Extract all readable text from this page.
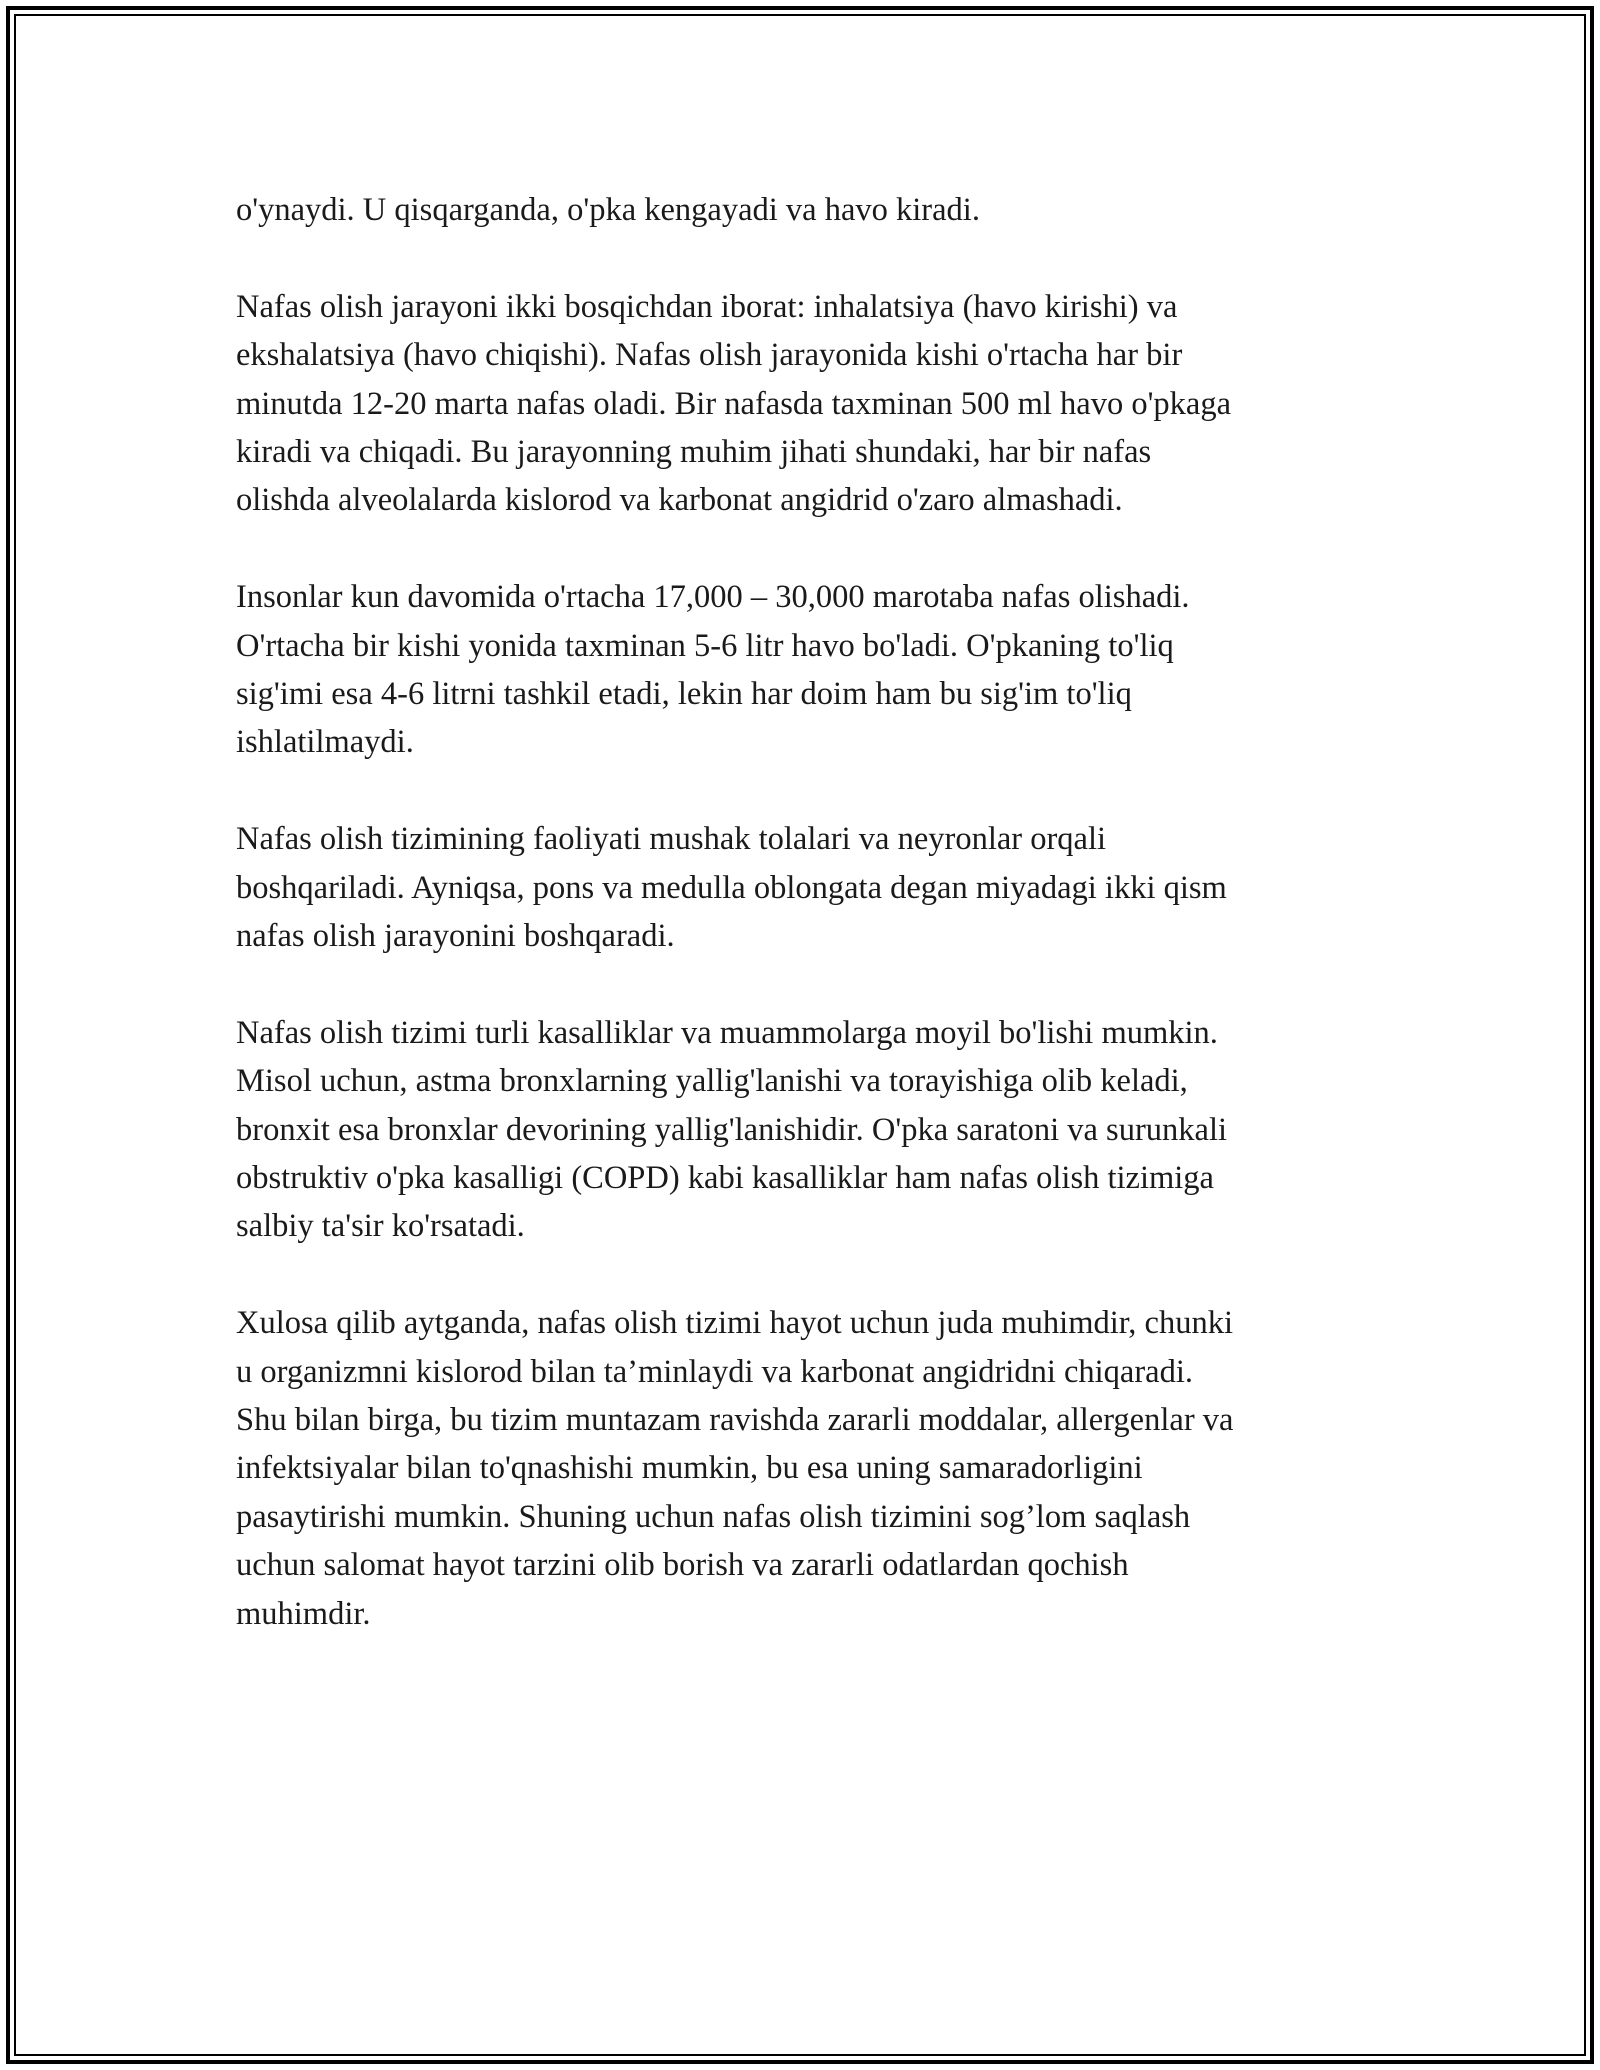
o'ynaydi. U qisqarganda, o'pka kengayadi va havo kiradi.

Nafas olish jarayoni ikki bosqichdan iborat: inhalatsiya (havo kirishi) va
ekshalatsiya (havo chiqishi). Nafas olish jarayonida kishi o'rtacha har bir
minutda 12-20 marta nafas oladi. Bir nafasda taxminan 500 ml havo o'pkaga
kiradi va chiqadi. Bu jarayonning muhim jihati shundaki, har bir nafas
olishda alveolalarda kislorod va karbonat angidrid o'zaro almashadi.

Insonlar kun davomida o'rtacha 17,000 – 30,000 marotaba nafas olishadi.
O'rtacha bir kishi yonida taxminan 5-6 litr havo bo'ladi. O'pkaning to'liq
sig'imi esa 4-6 litrni tashkil etadi, lekin har doim ham bu sig'im to'liq
ishlatilmaydi.

Nafas olish tizimining faoliyati mushak tolalari va neyronlar orqali
boshqariladi. Ayniqsa, pons va medulla oblongata degan miyadagi ikki qism
nafas olish jarayonini boshqaradi.

Nafas olish tizimi turli kasalliklar va muammolarga moyil bo'lishi mumkin.
Misol uchun, astma bronxlarning yallig'lanishi va torayishiga olib keladi,
bronxit esa bronxlar devorining yallig'lanishidir. O'pka saratoni va surunkali
obstruktiv o'pka kasalligi (COPD) kabi kasalliklar ham nafas olish tizimiga
salbiy ta'sir ko'rsatadi.

Xulosa qilib aytganda, nafas olish tizimi hayot uchun juda muhimdir, chunki
u organizmni kislorod bilan ta’minlaydi va karbonat angidridni chiqaradi.
Shu bilan birga, bu tizim muntazam ravishda zararli moddalar, allergenlar va
infektsiyalar bilan to'qnashishi mumkin, bu esa uning samaradorligini
pasaytirishi mumkin. Shuning uchun nafas olish tizimini sog’lom saqlash
uchun salomat hayot tarzini olib borish va zararli odatlardan qochish
muhimdir.
